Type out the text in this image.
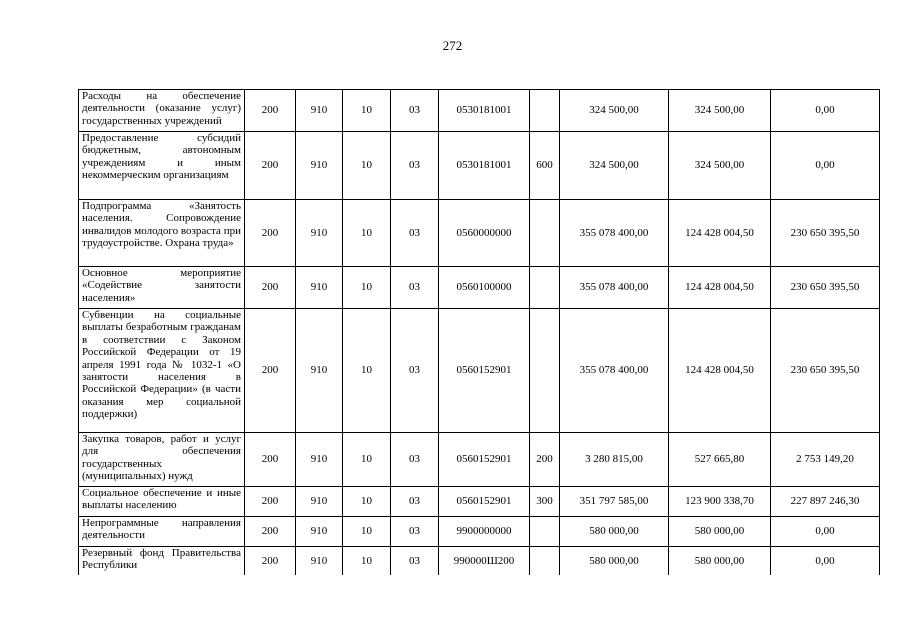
272
Расходы на обеспечение деятельности (оказание услуг) государственных учреждений	200	910	10	03	0530181001		324 500,00	324 500,00	0,00
Предоставление субсидий бюджетным, автономным учреждениям и иным некоммерческим организациям	200	910	10	03	0530181001	600	324 500,00	324 500,00	0,00
Подпрограмма «Занятость населения. Сопровождение инвалидов молодого возраста при трудоустройстве. Охрана труда»	200	910	10	03	0560000000		355 078 400,00	124 428 004,50	230 650 395,50
Основное мероприятие «Содействие занятости населения»	200	910	10	03	0560100000		355 078 400,00	124 428 004,50	230 650 395,50
Субвенции на социальные выплаты безработным гражданам в соответствии с Законом Российской Федерации от 19 апреля 1991 года № 1032-1 «О занятости населения в Российской Федерации» (в части оказания мер социальной поддержки)	200	910	10	03	0560152901		355 078 400,00	124 428 004,50	230 650 395,50
Закупка товаров, работ и услуг для обеспечения государственных (муниципальных) нужд	200	910	10	03	0560152901	200	3 280 815,00	527 665,80	2 753 149,20
Социальное обеспечение и иные выплаты населению	200	910	10	03	0560152901	300	351 797 585,00	123 900 338,70	227 897 246,30
Непрограммные направления деятельности	200	910	10	03	9900000000		580 000,00	580 000,00	0,00
Резервный фонд Правительства Республики	200	910	10	03	990000Ш200		580 000,00	580 000,00	0,00
